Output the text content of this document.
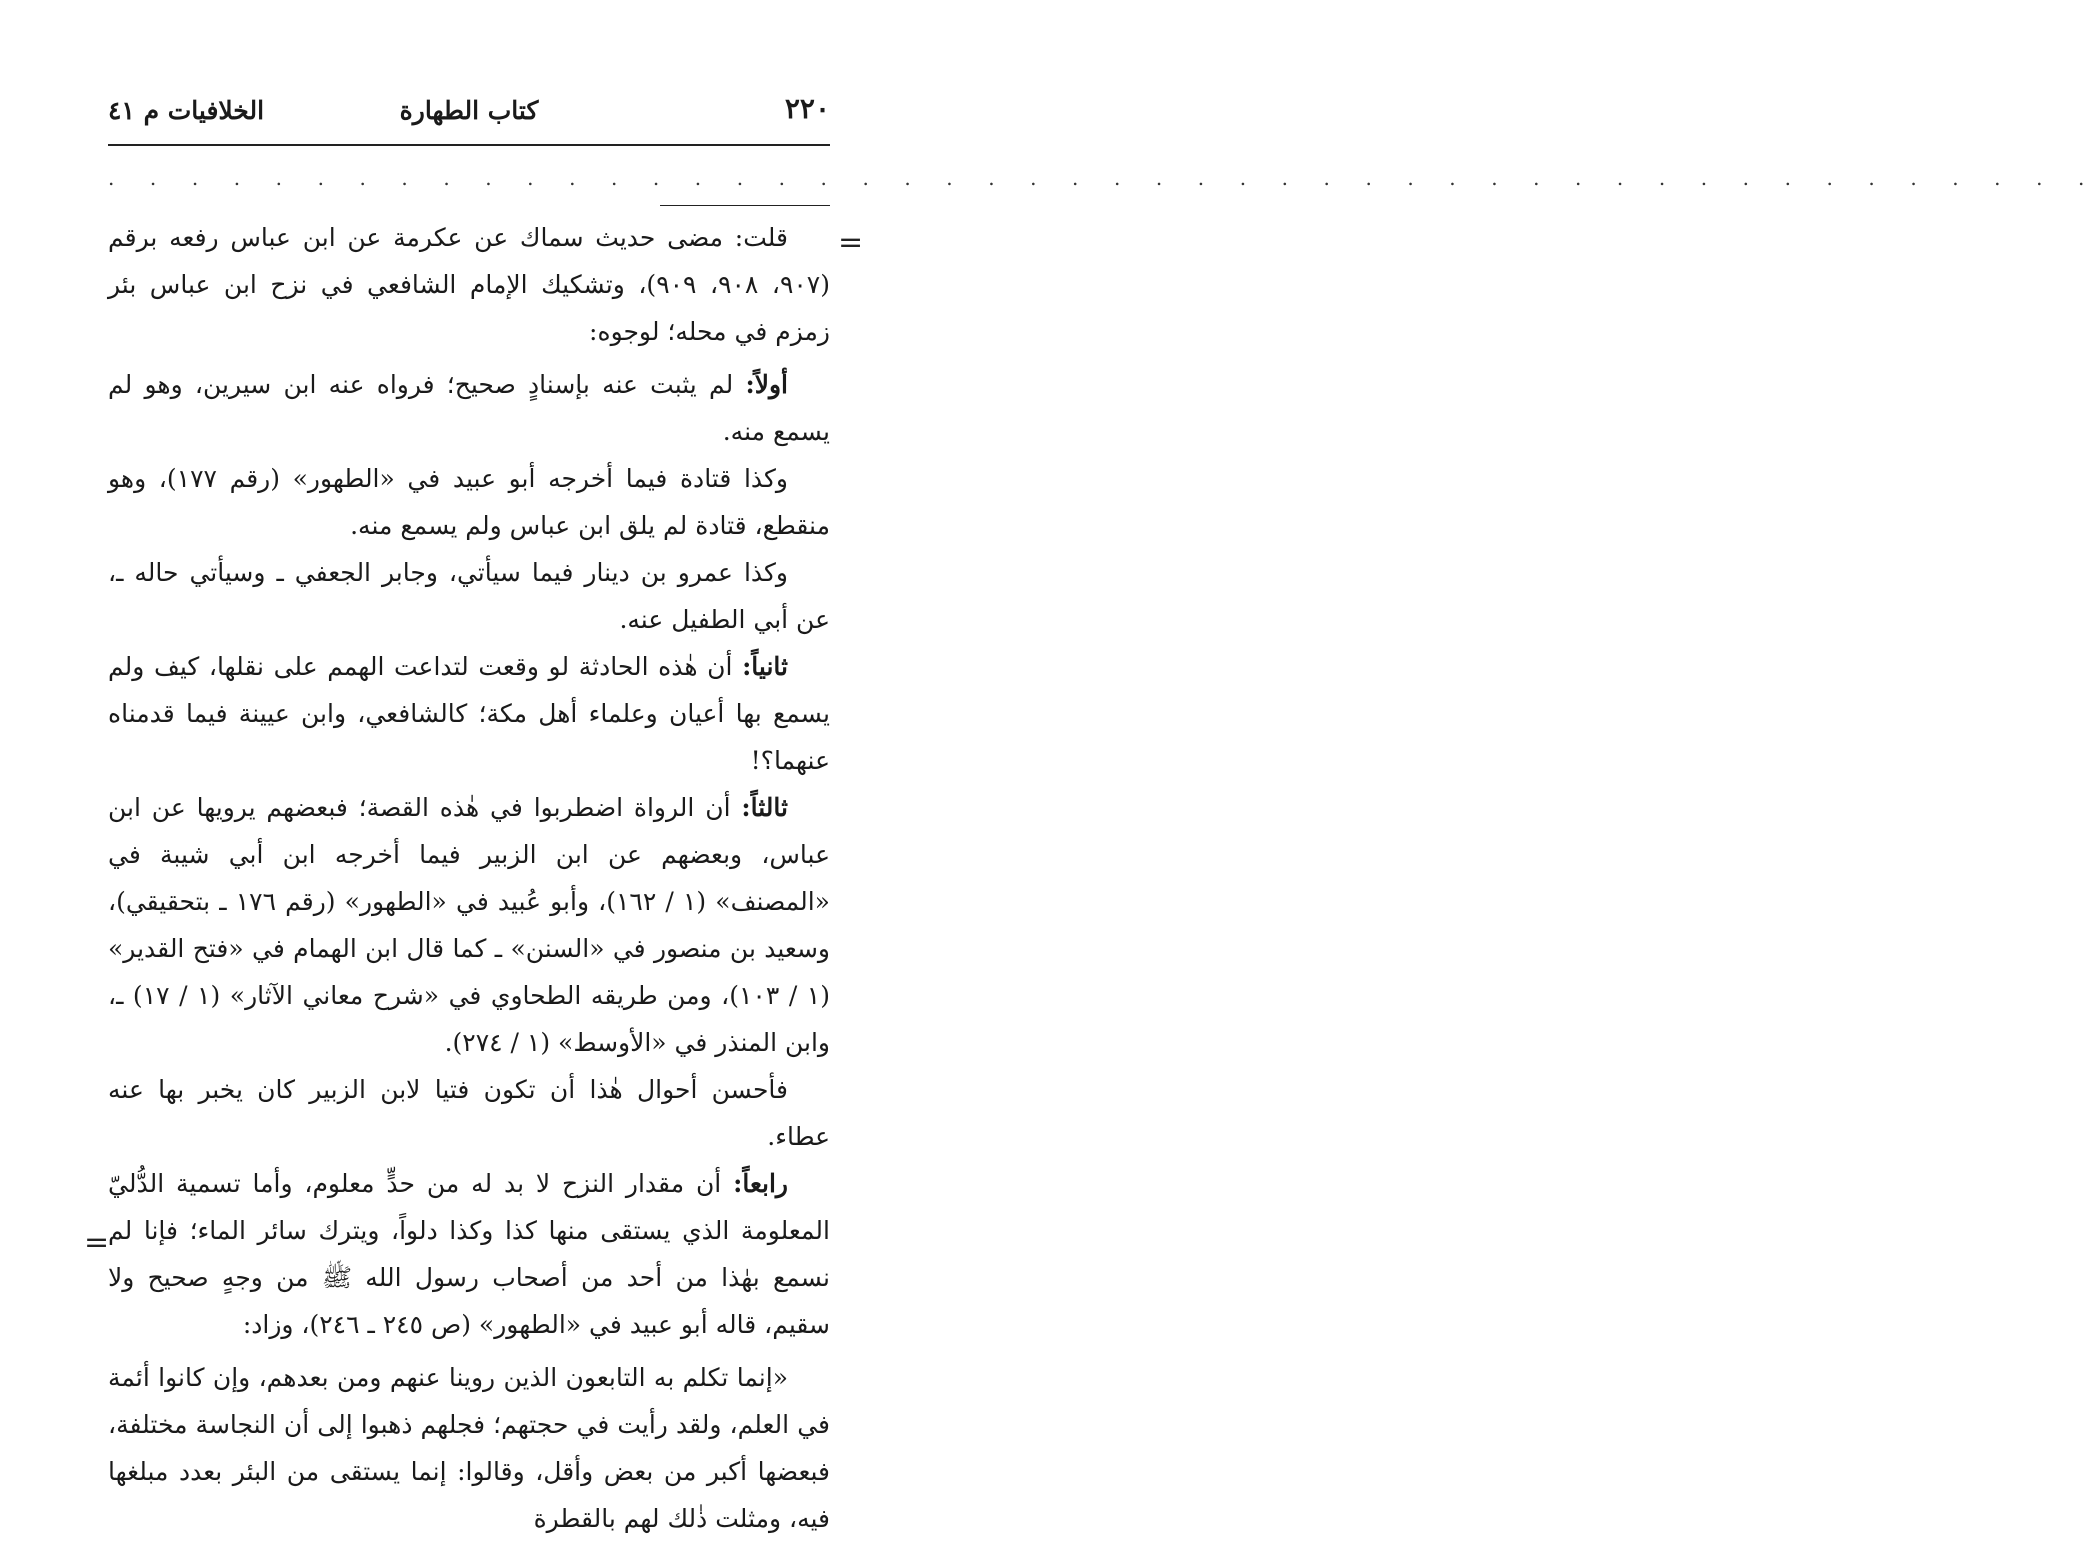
٢٢٠
كتاب الطهارة
الخلافيات م ٤١
. . . . . . . . . . . . . . . . . . . . . . . . . . . . . . . . . . . . . . . . . . . . . . . .
=
=

قلت: مضى حديث سماك عن عكرمة عن ابن عباس رفعه برقم (٩٠٧، ٩٠٨، ٩٠٩)، وتشكيك الإمام الشافعي في نزح ابن عباس بئر زمزم في محله؛ لوجوه:

أولاً: لم يثبت عنه بإسنادٍ صحيح؛ فرواه عنه ابن سيرين، وهو لم يسمع منه.

وكذا قتادة فيما أخرجه أبو عبيد في «الطهور» (رقم ١٧٧)، وهو منقطع، قتادة لم يلق ابن عباس ولم يسمع منه.

وكذا عمرو بن دينار فيما سيأتي، وجابر الجعفي ـ وسيأتي حاله ـ، عن أبي الطفيل عنه.

ثانياً: أن هٰذه الحادثة لو وقعت لتداعت الهمم على نقلها، كيف ولم يسمع بها أعيان وعلماء أهل مكة؛ كالشافعي، وابن عيينة فيما قدمناه عنهما؟!

ثالثاً: أن الرواة اضطربوا في هٰذه القصة؛ فبعضهم يرويها عن ابن عباس، وبعضهم عن ابن الزبير فيما أخرجه ابن أبي شيبة في «المصنف» (١ / ١٦٢)، وأبو عُبيد في «الطهور» (رقم ١٧٦ ـ بتحقيقي)، وسعيد بن منصور في «السنن» ـ كما قال ابن الهمام في «فتح القدير» (١ / ١٠٣)، ومن طريقه الطحاوي في «شرح معاني الآثار» (١ / ١٧) ـ، وابن المنذر في «الأوسط» (١ / ٢٧٤).

فأحسن أحوال هٰذا أن تكون فتيا لابن الزبير كان يخبر بها عنه عطاء.

رابعاً: أن مقدار النزح لا بد له من حدٍّ معلوم، وأما تسمية الدُّليّ المعلومة الذي يستقى منها كذا وكذا دلواً، ويترك سائر الماء؛ فإنا لم نسمع بهٰذا من أحد من أصحاب رسول الله ﷺ من وجهٍ صحيح ولا سقيم، قاله أبو عبيد في «الطهور» (ص ٢٤٥ ـ ٢٤٦)، وزاد:

«إنما تكلم به التابعون الذين روينا عنهم ومن بعدهم، وإن كانوا أئمة في العلم، ولقد رأيت في حجتهم؛ فجلهم ذهبوا إلى أن النجاسة مختلفة، فبعضها أكبر من بعض وأقل، وقالوا: إنما يستقى من البئر بعدد مبلغها فيه، ومثلت ذٰلك لهم بالقطرة
